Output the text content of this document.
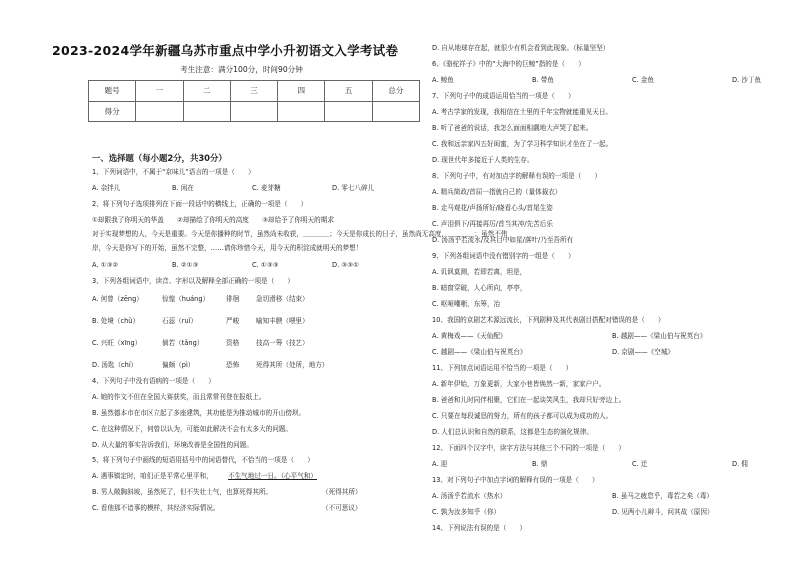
2023-2024学年新疆乌苏市重点中学小升初语文入学考试卷
考生注意：满分100分，时间90分钟
题号	一	二	三	四	五	总分
得分						
一、选择题（每小题2分，共30分）
1、下列词语中，不属于“京味儿”语言的一项是（　　）
A. 杂拌儿	B. 闲在	C. 麦芽糖	D. 零七八碎儿
2、将下列句子选项排列在下面一段话中的横线上，正确的一项是（　　）
①却跟我了你明天的华盖　　②却描绘了你明天的高度　　③却给予了你明天的期求
对于实现梦想的人，今天是重要。今天是你播种的时节，虽然尚未收获，＿＿＿＿；今天是你成长的日子，虽然尚无高度，＿＿＿＿；虽然不伟
岸，今天是你写下的开始，虽然不完整，……请你珍惜今天，用今天的积淀成就明天的梦想！
A. ①③②	B. ②①③	C. ①③③	D. ③③①
3、下列各组词语中，读音、字形以及解释全部正确的一项是（　　）
A. 何曾（zēng）	惊惶（huáng）	徘徊	急切滑移（结束）
B. 处境（chǔ）	石蕊（ruǐ）	严峻	喻知丰腴（喂里）
C. 兴旺（xīng）	倘若（tǎng）	资格	技高一筹（技艺）
D. 汤匙（chí）	偏颇（pì）	恐怖	死得其所（处所，地方）
4、下列句子中没有语病的一项是（　　）
A. 她的作文不但在全国大赛获奖，而且常常刊登在报纸上。
B. 虽然德本市在市区立起了多座建筑，其功能是为推动城市的开山傍坝。
C. 在这种情况下，何曾以认为，可能如此解决不会有太多大的问题。
D. 从大量的事实告诉我们，环境改善是全国性的问题。
5、将下列句子中画线的短语用括号中的词语替代，不恰当的一项是（　　）
A. 遇事镇定时，咱们正是平常心里平和， 不生气地过一日。（心平气和）
B. 男人敞胸斜坡，虽然死了，但不失壮士气，也算死得其所。	（死得其所）
C. 看他那不谙事的模样，其经济实际情况。	（不可思议）
D. 自从地球存在起，就很少有机会看到此现象。（标量坚坚）
6、《骆驼祥子》中的“大海中的巨鲸”指的是（　　）
A. 鲸鱼	B. 带鱼	C. 金鱼	D. 沙丁鱼
7、下列句子中的成语运用恰当的一项是（　　）
A. 考古学家的发现，我相信在土里的千年宝物就能重见天日。
B. 听了爸爸的说话，我怎么面面相觑地大声哭了起来。
C. 我和远亲家四五好闺蜜，为了学习科学知识才坐在了一起。
D. 现世代年多接近于人类的生存。
8、下列句子中，有对加点字的解释有误的一项是（　　）
A. 精兵简政/首屈一指就自己的（量体裁衣）
B. 走马观花/声扬所好/晓看心头/首尾生姿
C. 声泪俱下/再接再厉/首当其冲/先苦后乐
D. 汤汤乎若流水/及其目中如星/落叶/乃至吾所有
9、下列各组词语中没有错别字的一组是（　　）
A. 讥讽莫测，若即若离，坦是，
B. 暗窗穿破，人心所向，亭亭，
C. 呕哑嘲哳，东筹，冶
10、我国的京剧艺术源远流长，下列剧种及其代表剧目搭配对错误的是（　　）
A. 黄梅戏——《天仙配》	B. 越剧——《梁山伯与祝英台》
C. 越剧——《梁山伯与祝英台》	D. 京剧——《空城》
11、下列加点词语运用不恰当的一项是（　　）
A. 新年伊始，万象更新，大家小巷皆焕然一新，家家户户。
B. 爸爸和儿时同伴相聚，它们在一起谈笑风生，我却只好旁边上。
C. 只要在每段诚恳的努力，所有的孩子都可以成为成功的人。
D. 人们总认识和自然的联系，这都是生态的演化规律。
12、下面四个汉字中，读字方法与其他三个不同的一项是（　　）
A. 迎	B. 鼎	C. 迁	D. 佣
13、对下列句子中加点字词的解释有误的一项是（　　）
A. 汤汤乎若流水（热水）	B. 虽马之疲怠乎，毒若之矣（毒）
C. 孰为汝多知乎（你）	D. 见两小儿辩斗，问其故（原因）
14、下列说法有误的是（　　）
